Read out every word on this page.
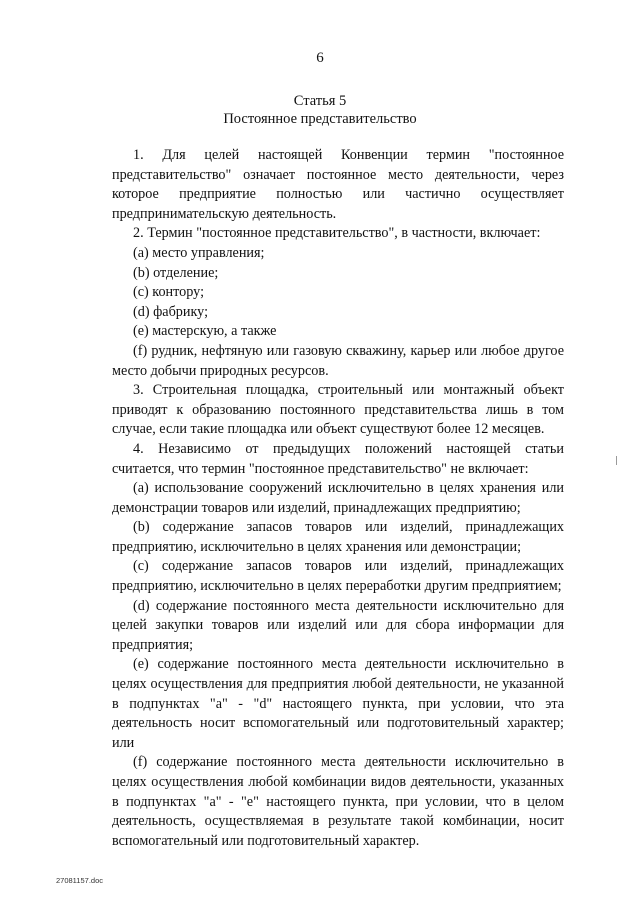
6
Статья 5
Постоянное представительство

1. Для целей настоящей Конвенции термин "постоянное представительство" означает постоянное место деятельности, через которое предприятие полностью или частично осуществляет предпринимательскую деятельность.

2. Термин "постоянное представительство", в частности, включает:

(a) место управления;

(b) отделение;

(c) контору;

(d) фабрику;

(e) мастерскую, а также

(f) рудник, нефтяную или газовую скважину, карьер или любое другое место добычи природных ресурсов.

3. Строительная площадка, строительный или монтажный объект приводят к образованию постоянного представительства лишь в том случае, если такие площадка или объект существуют более 12 месяцев.

4. Независимо от предыдущих положений настоящей статьи считается, что термин "постоянное представительство" не включает:

(a) использование сооружений исключительно в целях хранения или демонстрации товаров или изделий, принадлежащих предприятию;

(b) содержание запасов товаров или изделий, принадлежащих предприятию, исключительно в целях хранения или демонстрации;

(c) содержание запасов товаров или изделий, принадлежащих предприятию, исключительно в целях переработки другим предприятием;

(d) содержание постоянного места деятельности исключительно для целей закупки товаров или изделий или для сбора информации для предприятия;

(e) содержание постоянного места деятельности исключительно в целях осуществления для предприятия любой деятельности, не указанной в подпунктах "a" - "d" настоящего пункта, при условии, что эта деятельность носит вспомогательный или подготовительный характер; или

(f) содержание постоянного места деятельности исключительно в целях осуществления любой комбинации видов деятельности, указанных в подпунктах "a" - "e" настоящего пункта, при условии, что в целом деятельность, осуществляемая в результате такой комбинации, носит вспомогательный или подготовительный характер.

27081157.doc
